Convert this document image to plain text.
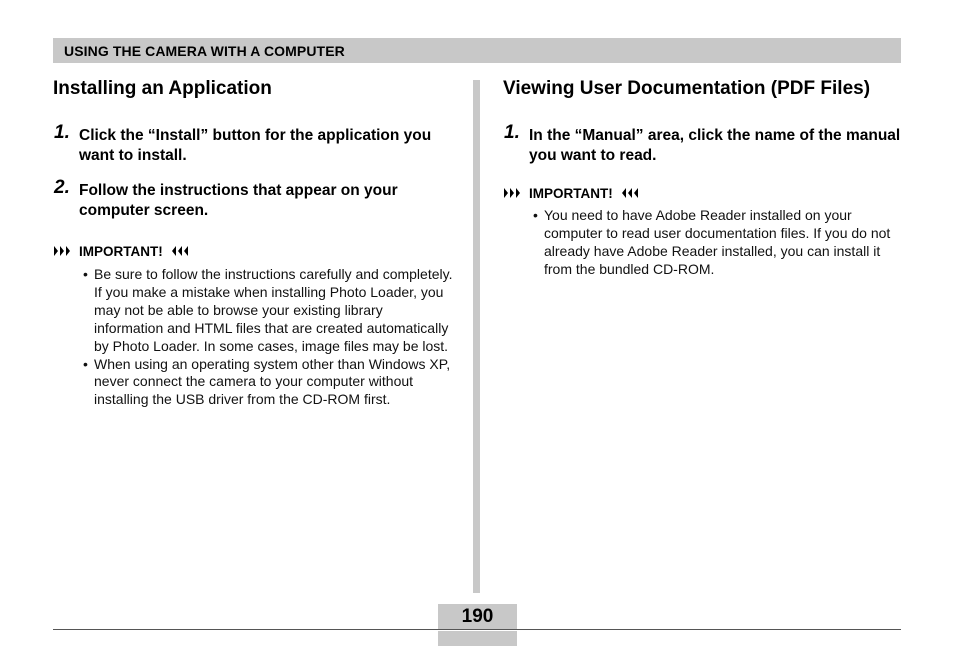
USING THE CAMERA WITH A COMPUTER
Installing an Application
1. Click the “Install” button for the application you want to install.
2. Follow the instructions that appear on your computer screen.
IMPORTANT!
• Be sure to follow the instructions carefully and completely. If you make a mistake when installing Photo Loader, you may not be able to browse your existing library information and HTML files that are created automatically by Photo Loader. In some cases, image files may be lost.
• When using an operating system other than Windows XP, never connect the camera to your computer without installing the USB driver from the CD-ROM first.
Viewing User Documentation (PDF Files)
1. In the “Manual” area, click the name of the manual you want to read.
IMPORTANT!
• You need to have Adobe Reader installed on your computer to read user documentation files. If you do not already have Adobe Reader installed, you can install it from the bundled CD-ROM.
190
